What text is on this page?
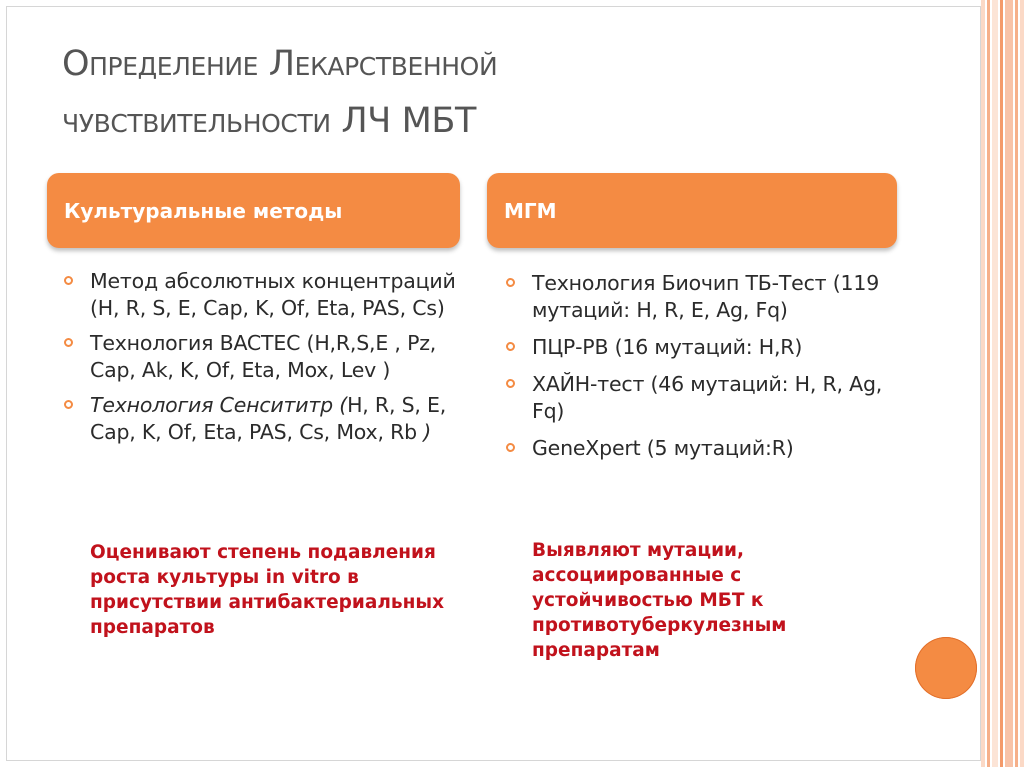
Определение Лекарственной
чувствительности ЛЧ МБТ
Культуральные методы	МГМ
Метод абсолютных концентраций (H, R, S, E, Cap, K, Of, Eta, PAS, Cs)
Технология BACTEC (H,R,S,E , Pz, Cap, Ak, K, Of, Eta, Mox, Lev )
Технология Сенсититр (H, R, S, E, Cap, K, Of, Eta, PAS, Cs, Mox, Rb )
Оценивают степень подавления роста культуры in vitro в присутствии антибактериальных препаратов
Технология Биочип ТБ-Тест (119 мутаций: H, R, E, Ag, Fq)
ПЦР-РВ (16 мутаций: H,R)
ХАЙН-тест (46 мутаций: H, R, Ag, Fq)
GeneXpert (5 мутаций:R)
Выявляют мутации, ассоциированные с устойчивостью МБТ к противотуберкулезным препаратам
